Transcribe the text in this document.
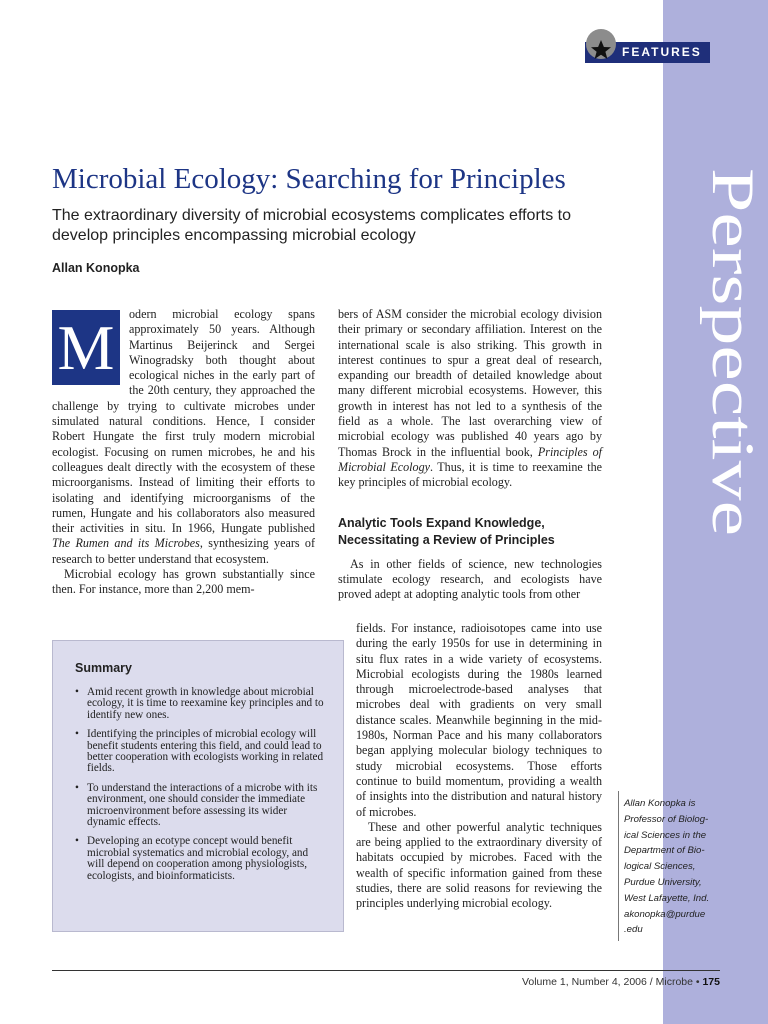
Perspective
FEATURES
Microbial Ecology: Searching for Principles
The extraordinary diversity of microbial ecosystems complicates efforts to develop principles encompassing microbial ecology
Allan Konopka

M	odern microbial ecology spans approximately 50 years. Although Martinus Beijerinck and Sergei Winogradsky both thought about ecological niches in the early part of the 20th century, they approached the challenge by trying to cultivate microbes under simulated natural conditions. Hence, I consider Robert Hungate the first truly modern microbial ecologist. Focusing on rumen microbes, he and his colleagues dealt directly with the ecosystem of these microorganisms. Instead of limiting their efforts to isolating and identifying microorganisms of the rumen, Hungate and his collaborators also measured their activities in situ. In 1966, Hungate published The Rumen and its Microbes, synthesizing years of research to better understand that ecosystem.

Microbial ecology has grown substantially since then. For instance, more than 2,200 mem-

bers of ASM consider the microbial ecology division their primary or secondary affiliation. Interest on the international scale is also striking. This growth in interest continues to spur a great deal of research, expanding our breadth of detailed knowledge about many different microbial ecosystems. However, this growth in interest has not led to a synthesis of the field as a whole. The last overarching view of microbial ecology was published 40 years ago by Thomas Brock in the influential book, Principles of Microbial Ecology. Thus, it is time to reexamine the key principles of microbial ecology.

Analytic Tools Expand Knowledge, Necessitating a Review of Principles

As in other fields of science, new technologies stimulate ecology research, and ecologists have proved adept at adopting analytic tools from other

fields. For instance, radioisotopes came into use during the early 1950s for use in determining in situ flux rates in a wide variety of ecosystems. Microbial ecologists during the 1980s learned through microelectrode-based analyses that microbes deal with gradients on very small distance scales. Meanwhile beginning in the mid-1980s, Norman Pace and his many collaborators began applying molecular biology techniques to study microbial ecosystems. Those efforts continue to build momentum, providing a wealth of insights into the distribution and natural history of microbes.

These and other powerful analytic techniques are being applied to the extraordinary diversity of habitats occupied by microbes. Faced with the wealth of specific information gained from these studies, there are solid reasons for reviewing the principles underlying microbial ecology.

Summary
• Amid recent growth in knowledge about microbial ecology, it is time to reexamine key principles and to identify new ones.
• Identifying the principles of microbial ecology will benefit students entering this field, and could lead to better cooperation with ecologists working in related fields.
• To understand the interactions of a microbe with its environment, one should consider the immediate microenvironment before assessing its wider dynamic effects.
• Developing an ecotype concept would benefit microbial systematics and microbial ecology, and will depend on cooperation among physiologists, ecologists, and bioinformaticists.
Allan Konopka is
Professor of Biolog-
ical Sciences in the
Department of Bio-
logical Sciences,
Purdue University,
West Lafayette, Ind.
akonopka@purdue
.edu
Volume 1, Number 4, 2006 / Microbe • 175
